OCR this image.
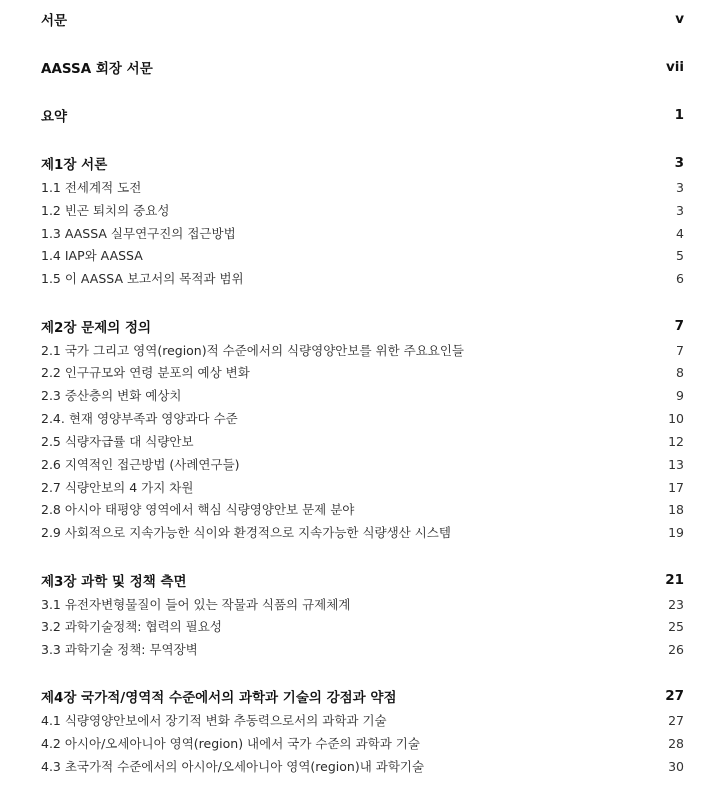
서문	v
AASSA 회장 서문	vii
요약	1
제1장 서론	3
1.1 전세계적 도전	3
1.2 빈곤 퇴치의 중요성	3
1.3 AASSA 실무연구진의 접근방법	4
1.4 IAP와 AASSA	5
1.5 이 AASSA 보고서의 목적과 범위	6
제2장 문제의 정의	7
2.1 국가 그리고 영역(region)적 수준에서의 식량영양안보를 위한 주요요인들	7
2.2 인구규모와 연령 분포의 예상 변화	8
2.3 중산층의 변화 예상치	9
2.4. 현재 영양부족과 영양과다 수준	10
2.5 식량자급률 대 식량안보	12
2.6 지역적인 접근방법 (사례연구들)	13
2.7 식량안보의 4 가지 차원	17
2.8 아시아 태평양 영역에서 핵심 식량영양안보 문제 분야	18
2.9 사회적으로 지속가능한 식이와 환경적으로 지속가능한 식량생산 시스템	19
제3장 과학 및 정책 측면	21
3.1 유전자변형물질이 들어 있는 작물과 식품의 규제체계	23
3.2 과학기술정책: 협력의 필요성	25
3.3 과학기술 정책: 무역장벽	26
제4장 국가적/영역적 수준에서의 과학과 기술의 강점과 약점	27
4.1 식량영양안보에서 장기적 변화 추동력으로서의 과학과 기술	27
4.2 아시아/오세아니아 영역(region) 내에서 국가 수준의 과학과 기술	28
4.3 초국가적 수준에서의 아시아/오세아니아 영역(region)내 과학기술	30
